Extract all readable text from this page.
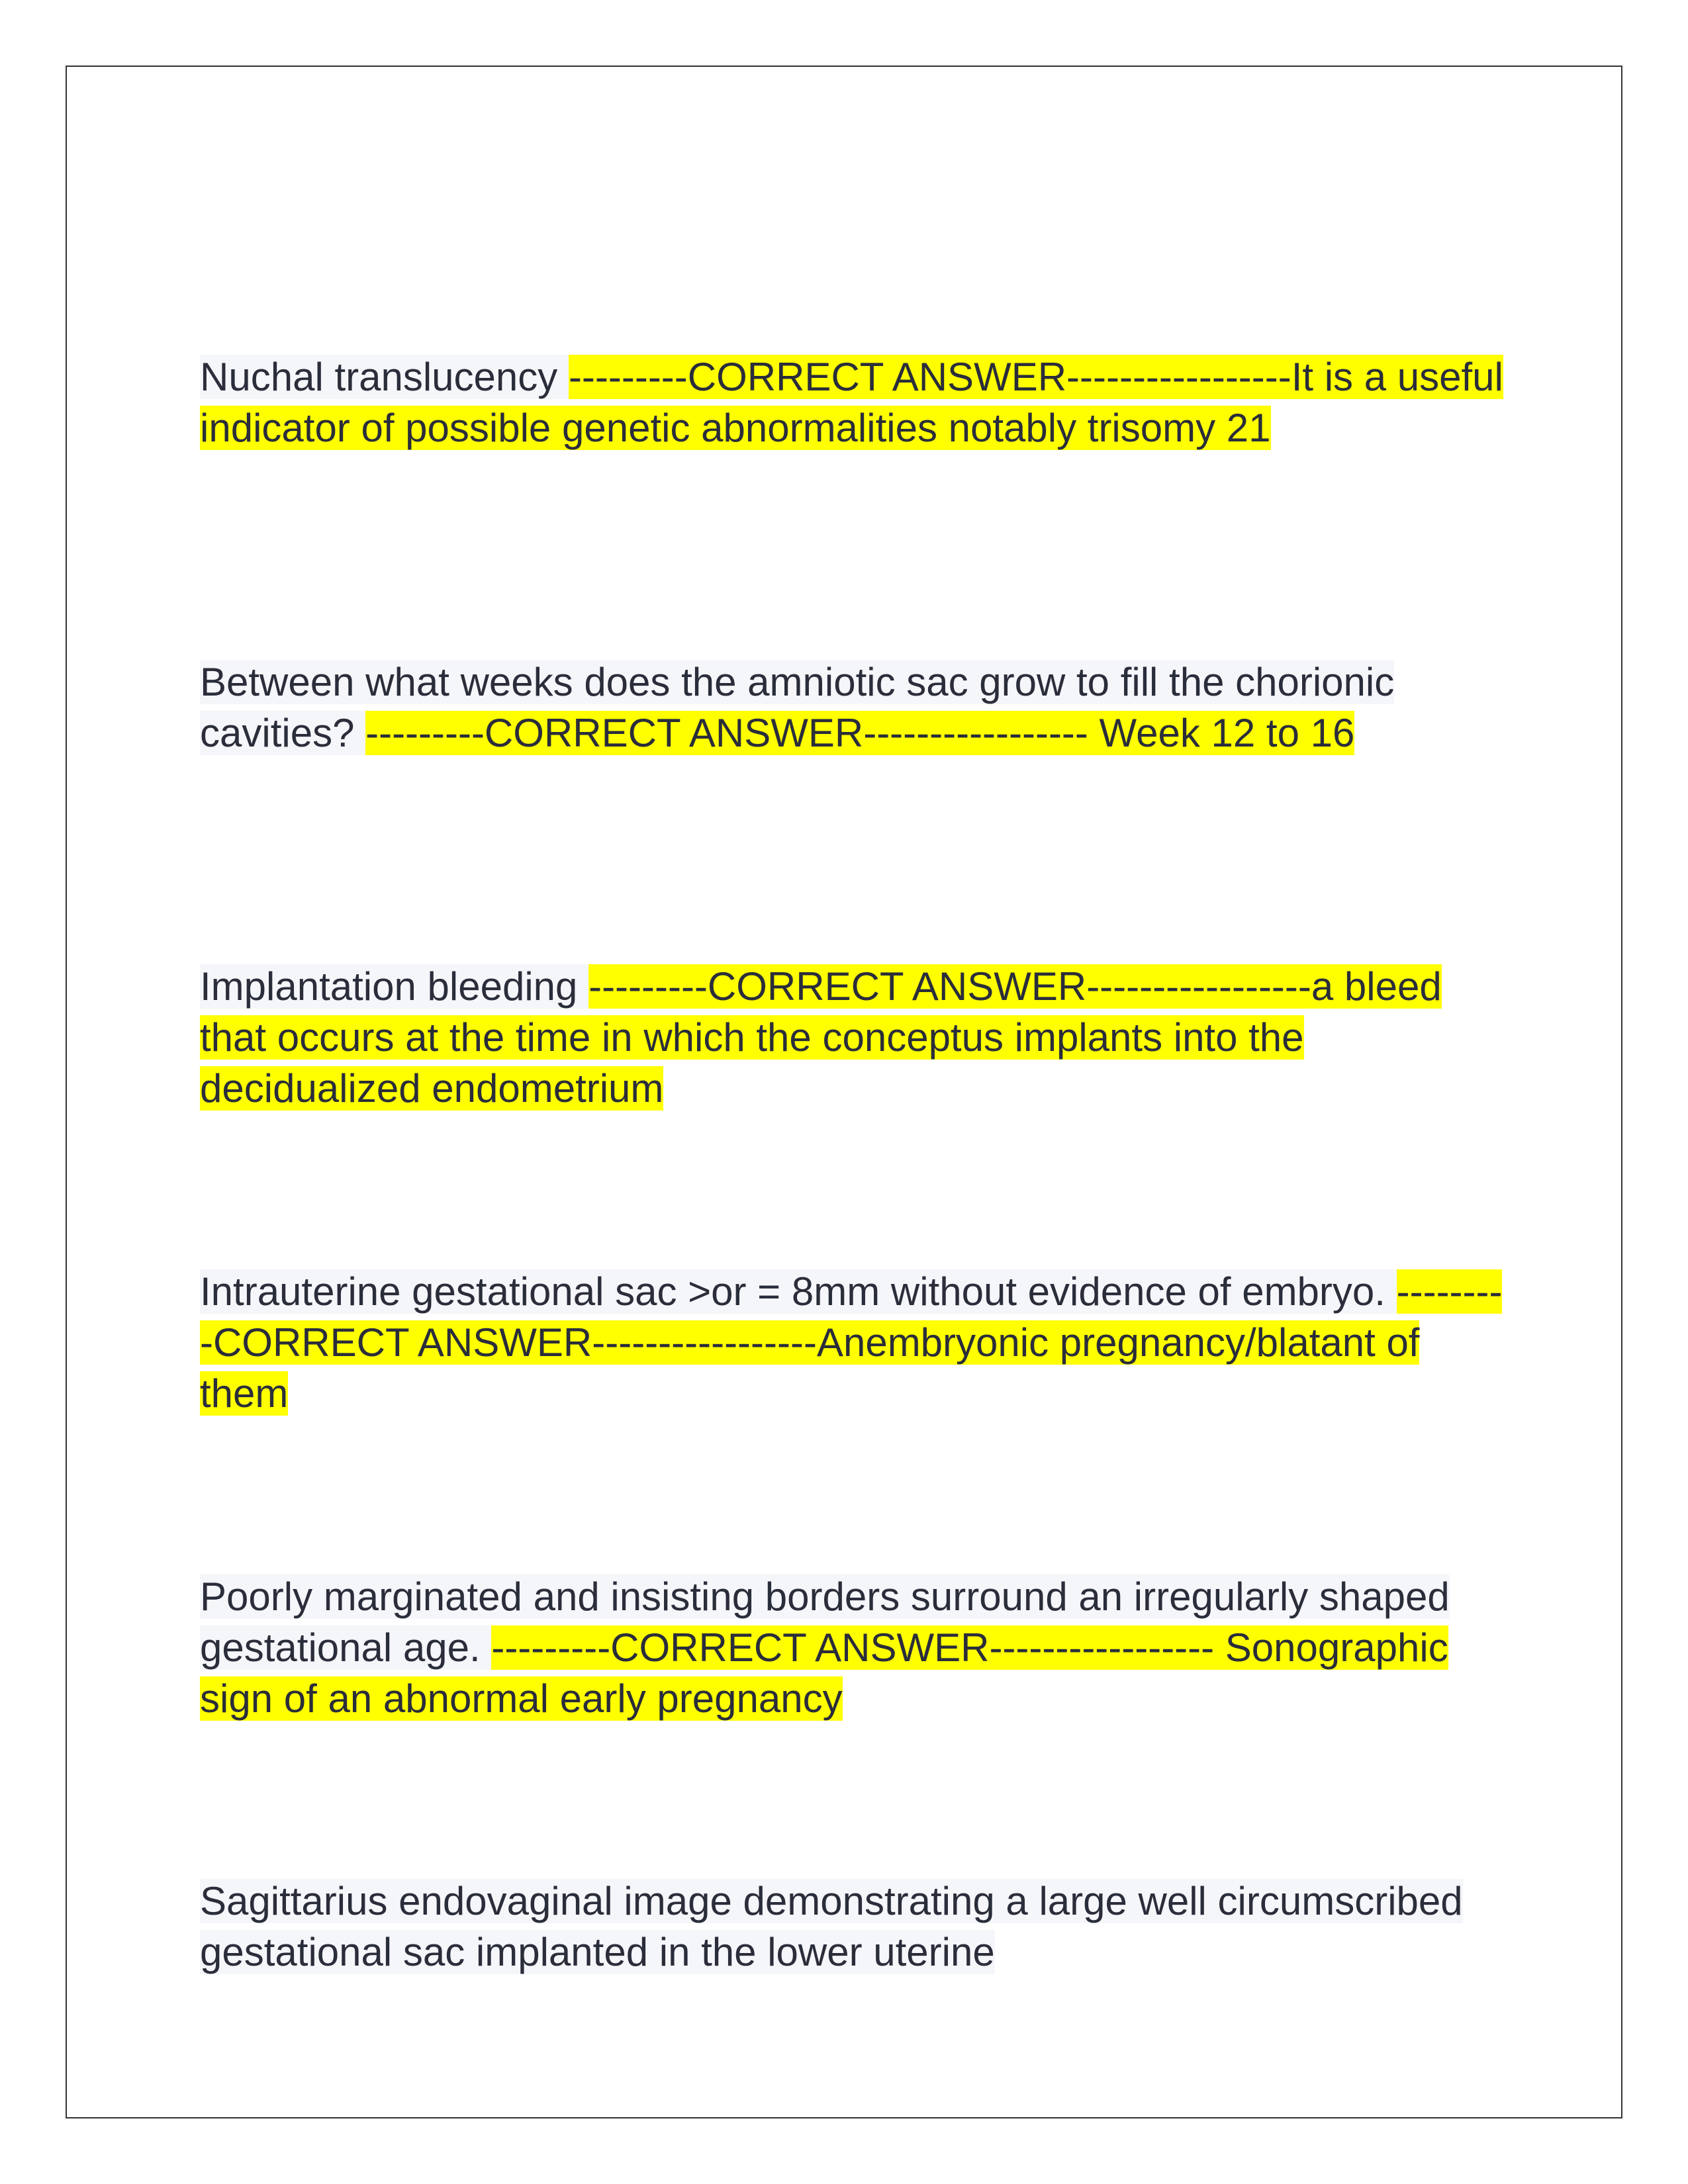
Nuchal translucency ---------CORRECT ANSWER-----------------It is a useful indicator of possible genetic abnormalities notably trisomy 21
Between what weeks does the amniotic sac grow to fill the chorionic cavities? ---------CORRECT ANSWER----------------- Week 12 to 16
Implantation bleeding ---------CORRECT ANSWER-----------------a bleed that occurs at the time in which the conceptus implants into the decidualized endometrium
Intrauterine gestational sac >or = 8mm without evidence of embryo. ---------CORRECT ANSWER-----------------Anembryonic pregnancy/blatant of them
Poorly marginated and insisting borders surround an irregularly shaped gestational age. ---------CORRECT ANSWER----------------- Sonographic sign of an abnormal early pregnancy
Sagittarius endovaginal image demonstrating a large well circumscribed gestational sac implanted in the lower uterine
